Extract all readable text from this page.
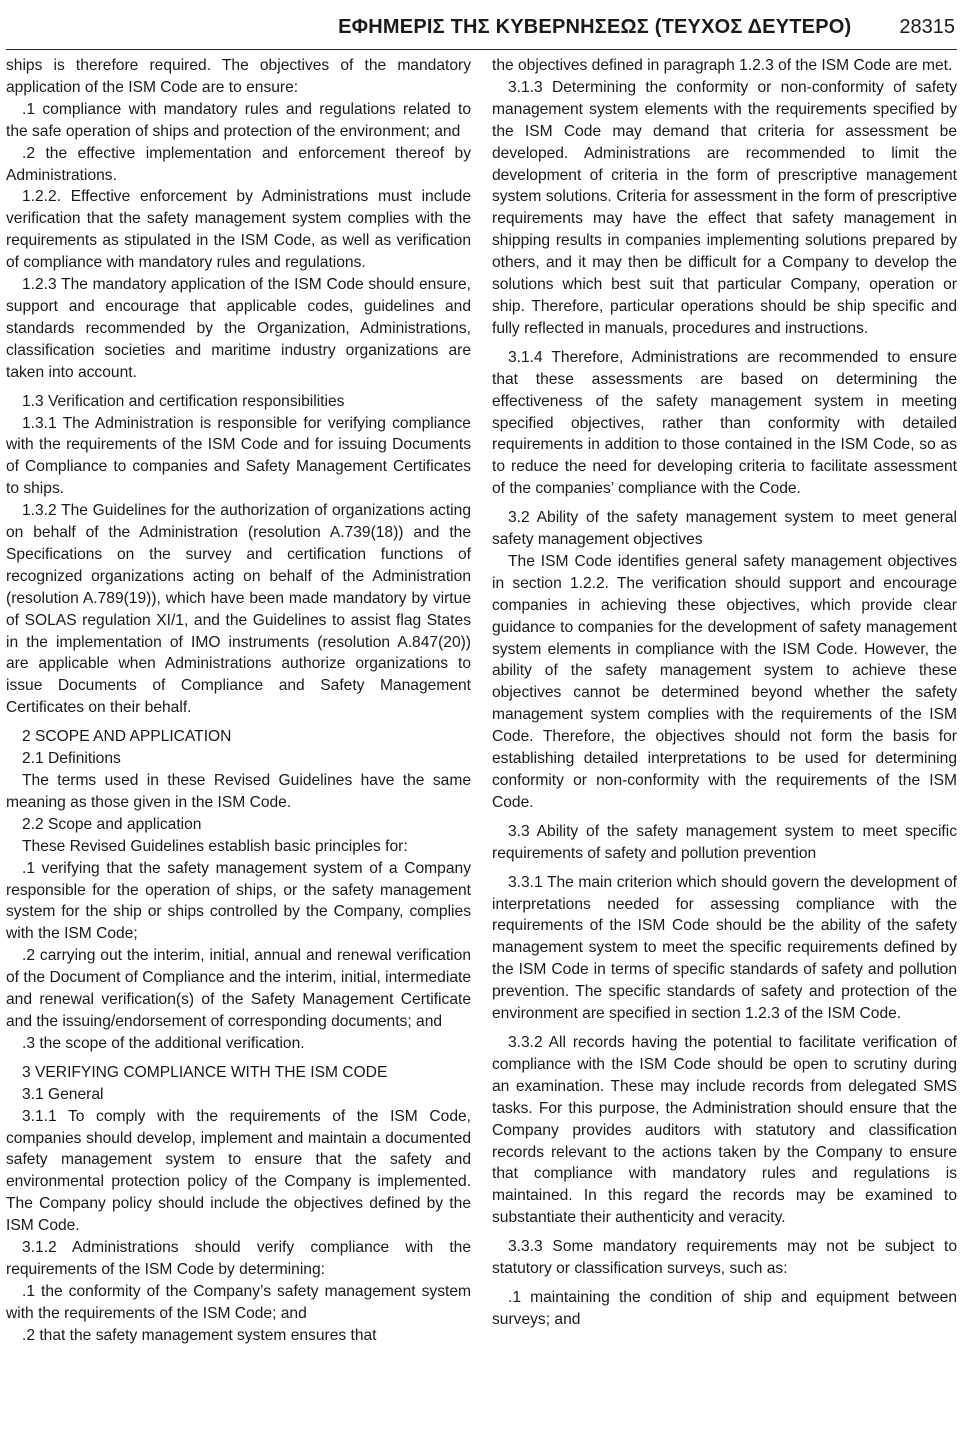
ΕΦΗΜΕΡΙΣ ΤΗΣ ΚΥΒΕΡΝΗΣΕΩΣ (ΤΕΥΧΟΣ ΔΕΥΤΕΡΟ) 28315

ships is therefore required. The objectives of the mandatory application of the ISM Code are to ensure:

.1 compliance with mandatory rules and regulations related to the safe operation of ships and protection of the environment; and

.2 the effective implementation and enforcement thereof by Administrations.

1.2.2. Effective enforcement by Administrations must include verification that the safety management system complies with the requirements as stipulated in the ISM Code, as well as verification of compliance with mandatory rules and regulations.

1.2.3 The mandatory application of the ISM Code should ensure, support and encourage that applicable codes, guidelines and standards recommended by the Organization, Administrations, classification societies and maritime industry organizations are taken into account.

1.3 Verification and certification responsibilities

1.3.1 The Administration is responsible for verifying compliance with the requirements of the ISM Code and for issuing Documents of Compliance to companies and Safety Management Certificates to ships.

1.3.2 The Guidelines for the authorization of organizations acting on behalf of the Administration (resolution A.739(18)) and the Specifications on the survey and certification functions of recognized organizations acting on behalf of the Administration (resolution A.789(19)), which have been made mandatory by virtue of SOLAS regulation XI/1, and the Guidelines to assist flag States in the implementation of IMO instruments (resolution A.847(20)) are applicable when Administrations authorize organizations to issue Documents of Compliance and Safety Management Certificates on their behalf.

2 SCOPE AND APPLICATION

2.1 Definitions

The terms used in these Revised Guidelines have the same meaning as those given in the ISM Code.

2.2 Scope and application

These Revised Guidelines establish basic principles for:

.1 verifying that the safety management system of a Company responsible for the operation of ships, or the safety management system for the ship or ships controlled by the Company, complies with the ISM Code;

.2 carrying out the interim, initial, annual and renewal verification of the Document of Compliance and the interim, initial, intermediate and renewal verification(s) of the Safety Management Certificate and the issuing/endorsement of corresponding documents; and

.3 the scope of the additional verification.

3 VERIFYING COMPLIANCE WITH THE ISM CODE

3.1 General

3.1.1 To comply with the requirements of the ISM Code, companies should develop, implement and maintain a documented safety management system to ensure that the safety and environmental protection policy of the Company is implemented. The Company policy should include the objectives defined by the ISM Code.

3.1.2 Administrations should verify compliance with the requirements of the ISM Code by determining:

.1 the conformity of the Company’s safety management system with the requirements of the ISM Code; and

.2 that the safety management system ensures that

the objectives defined in paragraph 1.2.3 of the ISM Code are met.

3.1.3 Determining the conformity or non-conformity of safety management system elements with the requirements specified by the ISM Code may demand that criteria for assessment be developed. Administrations are recommended to limit the development of criteria in the form of prescriptive management system solutions. Criteria for assessment in the form of prescriptive requirements may have the effect that safety management in shipping results in companies implementing solutions prepared by others, and it may then be difficult for a Company to develop the solutions which best suit that particular Company, operation or ship. Therefore, particular operations should be ship specific and fully reflected in manuals, procedures and instructions.

3.1.4 Therefore, Administrations are recommended to ensure that these assessments are based on determining the effectiveness of the safety management system in meeting specified objectives, rather than conformity with detailed requirements in addition to those contained in the ISM Code, so as to reduce the need for developing criteria to facilitate assessment of the companies’ compliance with the Code.

3.2 Ability of the safety management system to meet general safety management objectives

The ISM Code identifies general safety management objectives in section 1.2.2. The verification should support and encourage companies in achieving these objectives, which provide clear guidance to companies for the development of safety management system elements in compliance with the ISM Code. However, the ability of the safety management system to achieve these objectives cannot be determined beyond whether the safety management system complies with the requirements of the ISM Code. Therefore, the objectives should not form the basis for establishing detailed interpretations to be used for determining conformity or non-conformity with the requirements of the ISM Code.

3.3 Ability of the safety management system to meet specific requirements of safety and pollution prevention

3.3.1 The main criterion which should govern the development of interpretations needed for assessing compliance with the requirements of the ISM Code should be the ability of the safety management system to meet the specific requirements defined by the ISM Code in terms of specific standards of safety and pollution prevention. The specific standards of safety and protection of the environment are specified in section 1.2.3 of the ISM Code.

3.3.2 All records having the potential to facilitate verification of compliance with the ISM Code should be open to scrutiny during an examination. These may include records from delegated SMS tasks. For this purpose, the Administration should ensure that the Company provides auditors with statutory and classification records relevant to the actions taken by the Company to ensure that compliance with mandatory rules and regulations is maintained. In this regard the records may be examined to substantiate their authenticity and veracity.

3.3.3 Some mandatory requirements may not be subject to statutory or classification surveys, such as:

.1 maintaining the condition of ship and equipment between surveys; and
